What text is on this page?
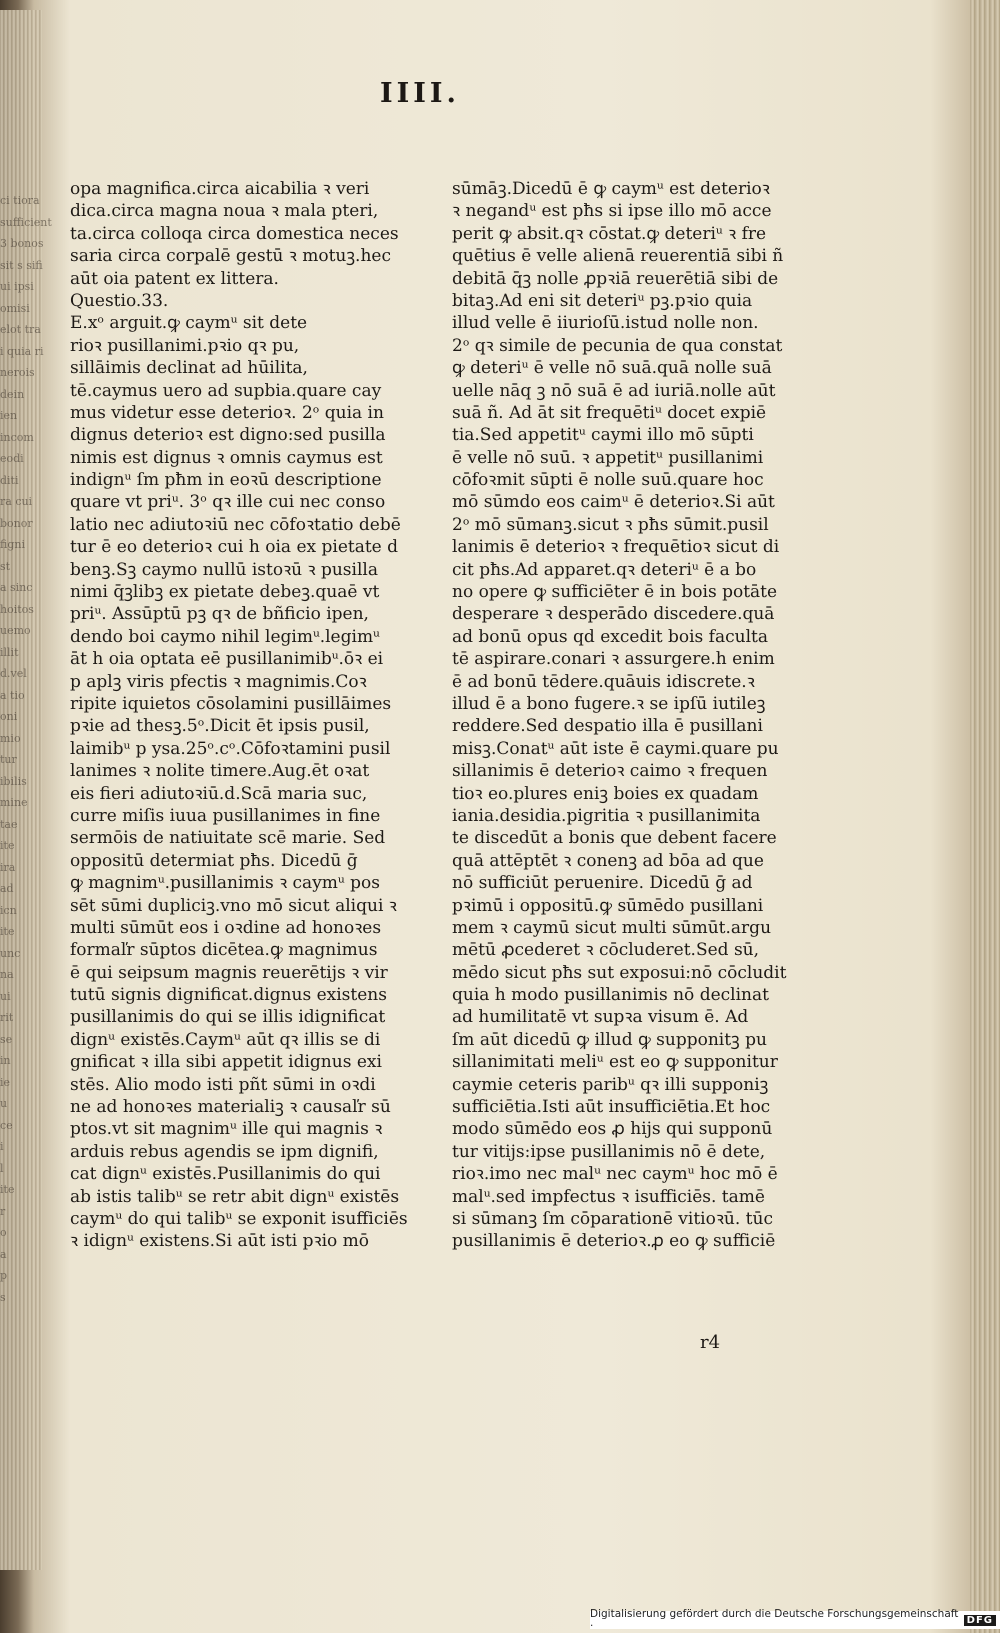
ci tiora
sufficient
3 bonos
sit s sifi
ui ipsi
omisi
elot tra
i quia ri
nerois
dein
ien
incom
eodi
diti
ra cui
bonor
figni
st
a sinc
hoitos
uemo
illit
d.vel
a tio
oni
mio
tur
ibilis
mine
tae
ite
ira
ad
icn
ite
unc
na
ui
rit
se
in
ie
u
ce
i
l
ite
r
o
a
p
s
IIII.
opa magnifica.circa aicabilia ꝛ veri
dica.circa magna noua ꝛ mala pteri,
ta.circa colloqa circa domestica neces
saria circa corpalē gestū ꝛ motuꝫ.hec
aūt oia patent ex littera.
Questio.33.
E.xᵒ arguit.ꝙ caymᵘ sit dete
rioꝛ pusillanimi.pꝛio qꝛ pu,
sillāimis declinat ad hūilita,
tē.caymus uero ad supbia.quare cay
mus videtur esse deterioꝛ. 2ᵒ quia in
dignus deterioꝛ est digno:sed pusilla
nimis est dignus ꝛ omnis caymus est
indignᵘ ſm pħm in eoꝛū descriptione
quare vt priᵘ. 3ᵒ qꝛ ille cui nec conso
latio nec adiutoꝛiū nec cōfoꝛtatio debē
tur ē eo deterioꝛ cui h oia ex pietate d
benꝫ.Sꝫ caymo nullū istoꝛū ꝛ pusilla
nimi q̄ꝫlibꝫ ex pietate debeꝫ.quaē vt
priᵘ. Assūptū pꝫ qꝛ de bñficio ipen,
dendo boi caymo nihil legimᵘ.legimᵘ
āt h oia optata eē pusillanimibᵘ.ōꝛ ei
p aplꝫ viris pfectis ꝛ magnimis.Coꝛ
ripite iquietos cōsolamini pusillāimes
pꝛie ad thesꝫ.5ᵒ.Dicit ēt ipsis pusil,
laimibᵘ p ysa.25ᵒ.cᵒ.Cōfoꝛtamini pusil
lanimes ꝛ nolite timere.Aug.ēt oꝛat
eis fieri adiutoꝛiū.d.Scā maria suc,
curre miſis iuua pusillanimes in fine
sermōis de natiuitate scē marie. Sed
oppositū determiat pħs. Dicedū ḡ
ꝙ magnimᵘ.pusillanimis ꝛ caymᵘ pos
sēt sūmi dupliciꝫ.vno mō sicut aliqui ꝛ
multi sūmūt eos i oꝛdine ad honoꝛes
formaľr sūptos dicētea.ꝙ magnimus
ē qui seipsum magnis reuerētijs ꝛ vir
tutū signis dignificat.dignus existens
pusillanimis do qui se illis idignificat
dignᵘ existēs.Caymᵘ aūt qꝛ illis se di
gnificat ꝛ illa sibi appetit idignus exi
stēs. Alio modo isti pñt sūmi in oꝛdi
ne ad honoꝛes materialiꝫ ꝛ causaľr sū
ptos.vt sit magnimᵘ ille qui magnis ꝛ
arduis rebus agendis se ipm dignifi,
cat dignᵘ existēs.Pusillanimis do qui
ab istis talibᵘ se retr abit dignᵘ existēs
caymᵘ do qui talibᵘ se exponit isufficiēs
ꝛ idignᵘ existens.Si aūt isti pꝛio mō
sūmāꝫ.Dicedū ē ꝙ caymᵘ est deterioꝛ
ꝛ negandᵘ est pħs si ipse illo mō acce
perit ꝙ absit.qꝛ cōstat.ꝙ deteriᵘ ꝛ fre
quētius ē velle alienā reuerentiā sibi ñ
debitā q̄ꝫ nolle ꝓpꝛiā reuerētiā sibi de
bitaꝫ.Ad eni sit deteriᵘ pꝫ.pꝛio quia
illud velle ē iiurioſū.istud nolle non.
2ᵒ qꝛ simile de pecunia de qua constat
ꝙ deteriᵘ ē velle nō suā.quā nolle suā
uelle nāq ꝫ nō suā ē ad iuriā.nolle aūt
suā ñ. Ad āt sit frequētiᵘ docet expiē
tia.Sed appetitᵘ caymi illo mō sūpti
ē velle nō suū. ꝛ appetitᵘ pusillanimi
cōfoꝛmit sūpti ē nolle suū.quare hoc
mō sūmdo eos caimᵘ ē deterioꝛ.Si aūt
2ᵒ mō sūmanꝫ.sicut ꝛ pħs sūmit.pusil
lanimis ē deterioꝛ ꝛ frequētioꝛ sicut di
cit pħs.Ad apparet.qꝛ deteriᵘ ē a bo
no opere ꝙ sufficiēter ē in bois potāte
desperare ꝛ desperādo discedere.quā
ad bonū opus qd excedit bois faculta
tē aspirare.conari ꝛ assurgere.h enim
ē ad bonū tēdere.quāuis idiscrete.ꝛ
illud ē a bono fugere.ꝛ se ipſū iutileꝫ
reddere.Sed despatio illa ē pusillani
misꝫ.Conatᵘ aūt iste ē caymi.quare pu
sillanimis ē deterioꝛ caimo ꝛ frequen
tioꝛ eo.plures eniꝫ boies ex quadam
iania.desidia.pigritia ꝛ pusillanimita
te discedūt a bonis que debent facere
quā attēptēt ꝛ conenꝫ ad bōa ad que
nō sufficiūt peruenire. Dicedū ḡ ad
pꝛimū i oppositū.ꝙ sūmēdo pusillani
mem ꝛ caymū sicut multi sūmūt.argu
mētū ꝓcederet ꝛ cōcluderet.Sed sū,
mēdo sicut pħs sut exposui:nō cōcludit
quia h modo pusillanimis nō declinat
ad humilitatē vt supꝛa visum ē. Ad
ſm aūt dicedū ꝙ illud ꝙ supponitꝫ pu
sillanimitati meliᵘ est eo ꝙ supponitur
caymie ceteris paribᵘ qꝛ illi supponiꝫ
sufficiētia.Isti aūt insufficiētia.Et hoc
modo sūmēdo eos ꝓ hijs qui supponū
tur vitijs:ipse pusillanimis nō ē dete,
rioꝛ.imo nec malᵘ nec caymᵘ hoc mō ē
malᵘ.sed impfectus ꝛ isufficiēs. tamē
si sūmanꝫ ſm cōparationē vitioꝛū. tūc
pusillanimis ē deterioꝛ.ꝓ eo ꝙ sufficiē
r4
Digitalisierung gefördert durch die Deutsche Forschungsgemeinschaft ·	DFG
